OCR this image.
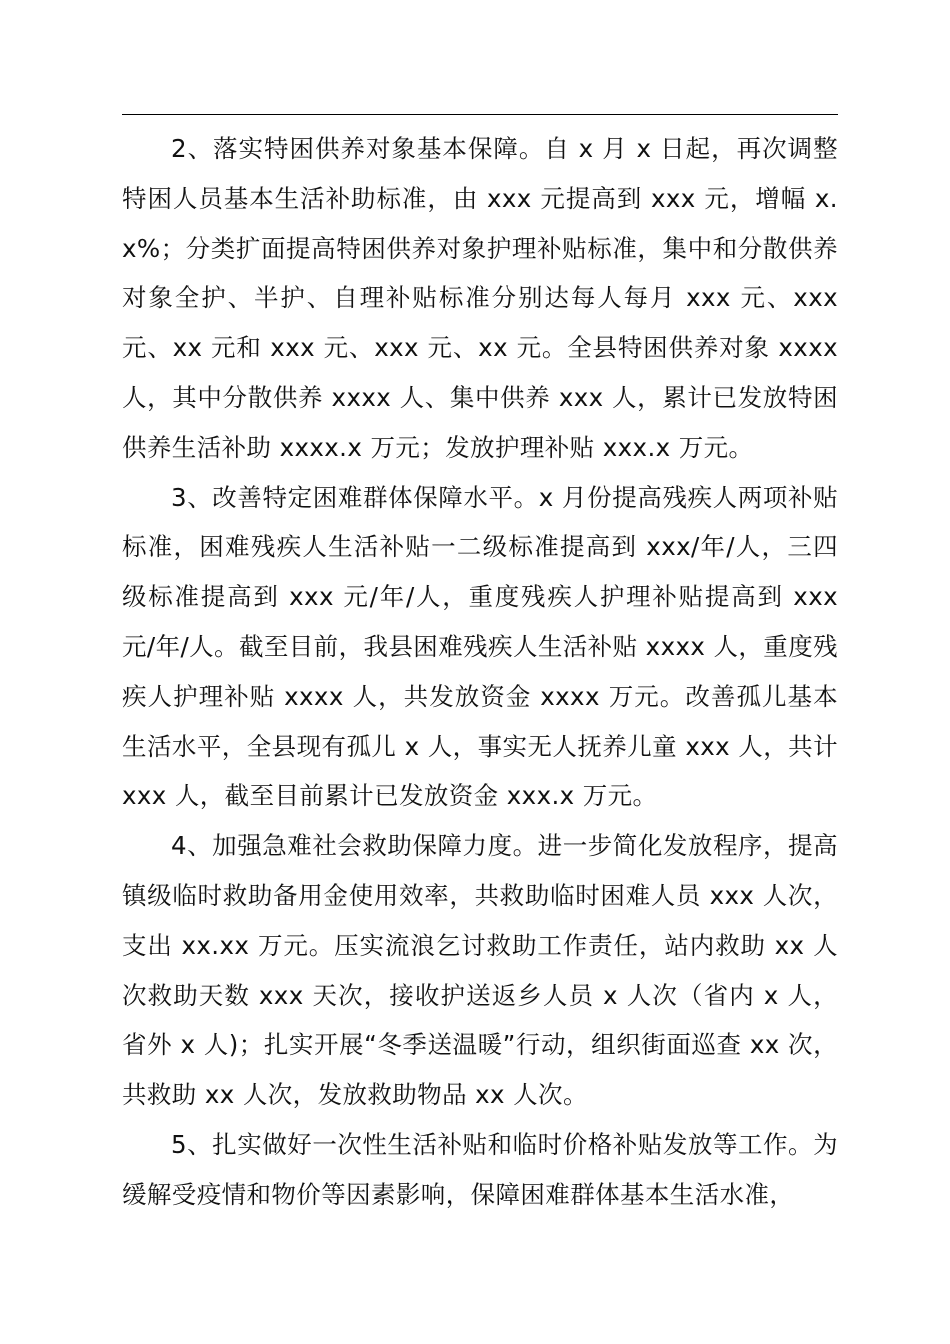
2、落实特困供养对象基本保障。自 x 月 x 日起，再次调整特困人员基本生活补助标准，由 xxx 元提高到 xxx 元，增幅 x.x%；分类扩面提高特困供养对象护理补贴标准，集中和分散供养对象全护、半护、自理补贴标准分别达每人每月 xxx 元、xxx 元、xx 元和 xxx 元、xxx 元、xx 元。全县特困供养对象 xxxx 人，其中分散供养 xxxx 人、集中供养 xxx 人，累计已发放特困供养生活补助 xxxx.x 万元；发放护理补贴 xxx.x 万元。

3、改善特定困难群体保障水平。x 月份提高残疾人两项补贴标准，困难残疾人生活补贴一二级标准提高到 xxx/年/人，三四级标准提高到 xxx 元/年/人，重度残疾人护理补贴提高到 xxx 元/年/人。截至目前，我县困难残疾人生活补贴 xxxx 人，重度残疾人护理补贴 xxxx 人，共发放资金 xxxx 万元。改善孤儿基本生活水平，全县现有孤儿 x 人，事实无人抚养儿童 xxx 人，共计 xxx 人，截至目前累计已发放资金 xxx.x 万元。

4、加强急难社会救助保障力度。进一步简化发放程序，提高镇级临时救助备用金使用效率，共救助临时困难人员 xxx 人次，支出 xx.xx 万元。压实流浪乞讨救助工作责任，站内救助 xx 人次救助天数 xxx 天次，接收护送返乡人员 x 人次（省内 x 人，省外 x 人)；扎实开展“冬季送温暖”行动，组织街面巡查 xx 次，共救助 xx 人次，发放救助物品 xx 人次。

5、扎实做好一次性生活补贴和临时价格补贴发放等工作。为缓解受疫情和物价等因素影响，保障困难群体基本生活水准，
